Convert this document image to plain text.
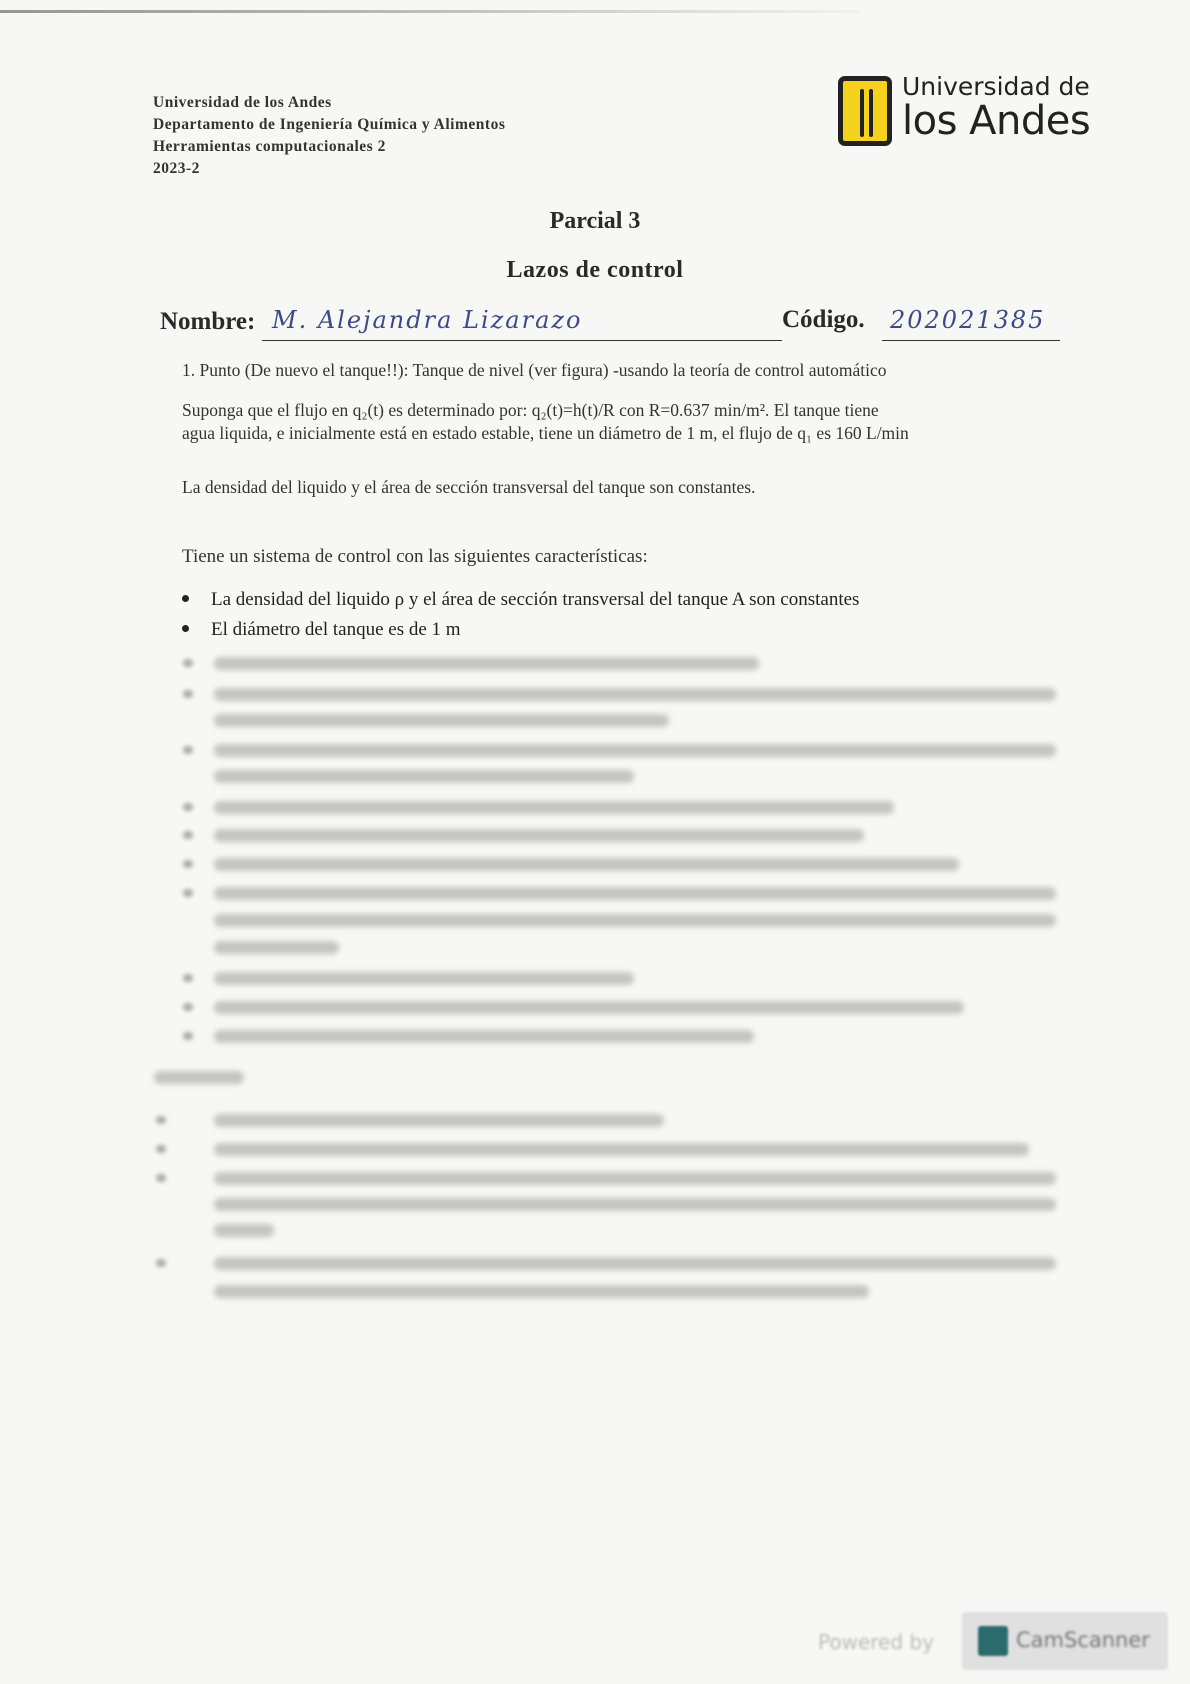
Universidad de los Andes
Departamento de Ingeniería Química y Alimentos
Herramientas computacionales 2
2023-2
Universidad de
los Andes
Parcial 3
Lazos de control
Nombre: M. Alejandra Lizarazo	Código. 202021385
1. Punto (De nuevo el tanque!!): Tanque de nivel (ver figura) -usando la teoría de control automático
Suponga que el flujo en q₂(t) es determinado por: q₂(t)=h(t)/R con R=0.637 min/m². El tanque tiene
agua liquida, e inicialmente está en estado estable, tiene un diámetro de 1 m, el flujo de q₁ es 160 L/min
La densidad del liquido y el área de sección transversal del tanque son constantes.
Tiene un sistema de control con las siguientes características:
La densidad del liquido ρ y el área de sección transversal del tanque A son constantes
El diámetro del tanque es de 1 m
Powered by	CamScanner
